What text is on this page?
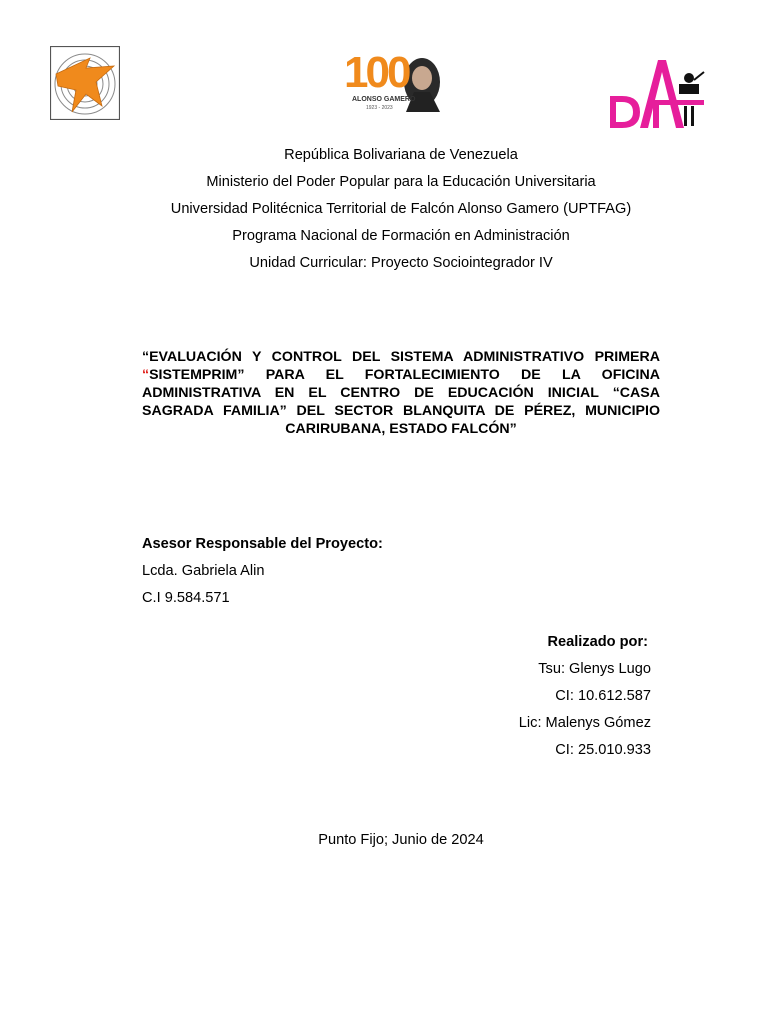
100
ALONSO GAMERO
1923 - 2023
República Bolivariana de Venezuela
Ministerio del Poder Popular para la Educación Universitaria
Universidad Politécnica Territorial de Falcón Alonso Gamero (UPTFAG)
Programa Nacional de Formación en Administración
Unidad Curricular: Proyecto Sociointegrador IV
“EVALUACIÓN Y CONTROL DEL SISTEMA ADMINISTRATIVO PRIMERA “SISTEMPRIM” PARA EL FORTALECIMIENTO DE LA OFICINA ADMINISTRATIVA EN EL CENTRO DE EDUCACIÓN INICIAL “CASA SAGRADA FAMILIA” DEL SECTOR BLANQUITA DE PÉREZ, MUNICIPIO CARIRUBANA, ESTADO FALCÓN”
Asesor Responsable del Proyecto:
Lcda. Gabriela Alin
C.I 9.584.571
Realizado por:
Tsu: Glenys Lugo
CI: 10.612.587
Lic: Malenys Gómez
CI: 25.010.933
Punto Fijo; Junio de 2024
